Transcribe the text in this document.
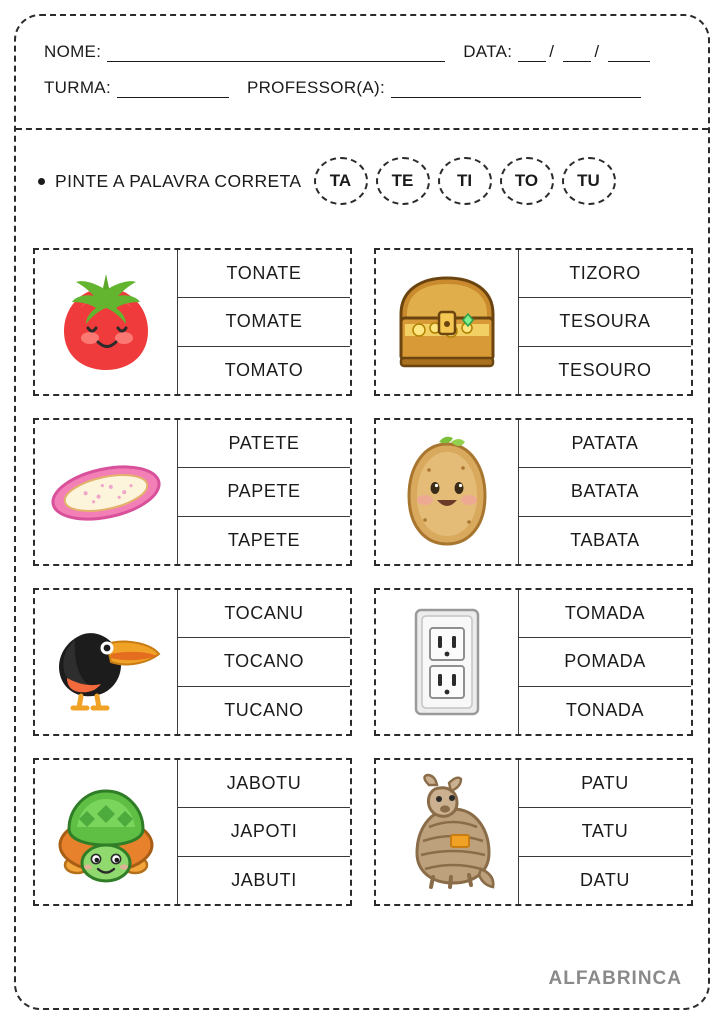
NOME:	DATA: / /
TURMA:	PROFESSOR(A):
PINTE A PALAVRA CORRETA	TA	TE	TI	TO	TU
TONATE
TOMATE
TOMATO
TIZORO
TESOURA
TESOURO
PATETE
PAPETE
TAPETE
PATATA
BATATA
TABATA
TOCANU
TOCANO
TUCANO
TOMADA
POMADA
TONADA
JABOTU
JAPOTI
JABUTI
PATU
TATU
DATU
ALFABRINCA
